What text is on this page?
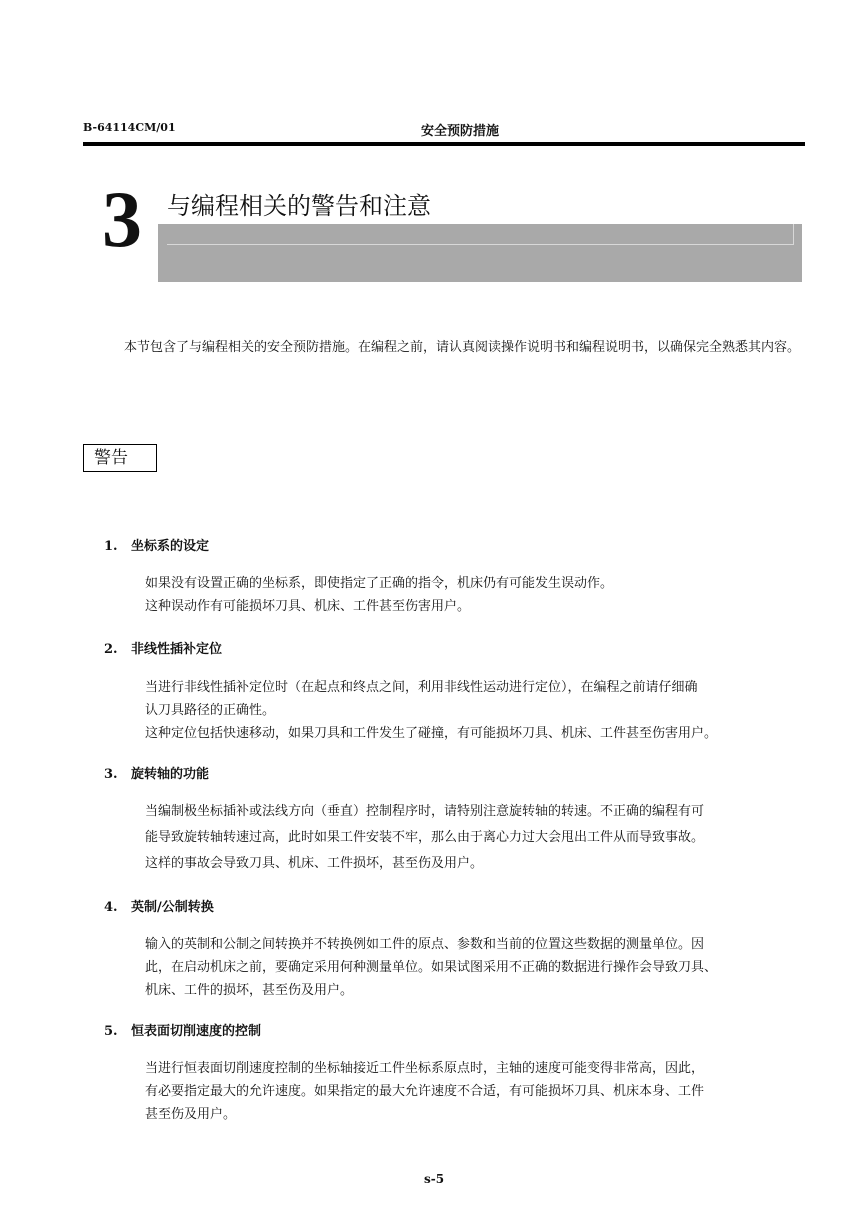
B-64114CM/01	安全预防措施
3 与编程相关的警告和注意
本节包含了与编程相关的安全预防措施。在编程之前，请认真阅读操作说明书和编程说明书，以确保完全熟悉其内容。
警告
1. 坐标系的设定
如果没有设置正确的坐标系，即使指定了正确的指令，机床仍有可能发生误动作。
这种误动作有可能损坏刀具、机床、工件甚至伤害用户。
2. 非线性插补定位
当进行非线性插补定位时（在起点和终点之间，利用非线性运动进行定位），在编程之前请仔细确
认刀具路径的正确性。
这种定位包括快速移动，如果刀具和工件发生了碰撞，有可能损坏刀具、机床、工件甚至伤害用户。
3. 旋转轴的功能
当编制极坐标插补或法线方向（垂直）控制程序时，请特别注意旋转轴的转速。不正确的编程有可
能导致旋转轴转速过高，此时如果工件安装不牢，那么由于离心力过大会甩出工件从而导致事故。
这样的事故会导致刀具、机床、工件损坏，甚至伤及用户。
4. 英制/公制转换
输入的英制和公制之间转换并不转换例如工件的原点、参数和当前的位置这些数据的测量单位。因
此，在启动机床之前，要确定采用何种测量单位。如果试图采用不正确的数据进行操作会导致刀具、
机床、工件的损坏，甚至伤及用户。
5. 恒表面切削速度的控制
当进行恒表面切削速度控制的坐标轴接近工件坐标系原点时，主轴的速度可能变得非常高，因此，
有必要指定最大的允许速度。如果指定的最大允许速度不合适，有可能损坏刀具、机床本身、工件
甚至伤及用户。
s-5
